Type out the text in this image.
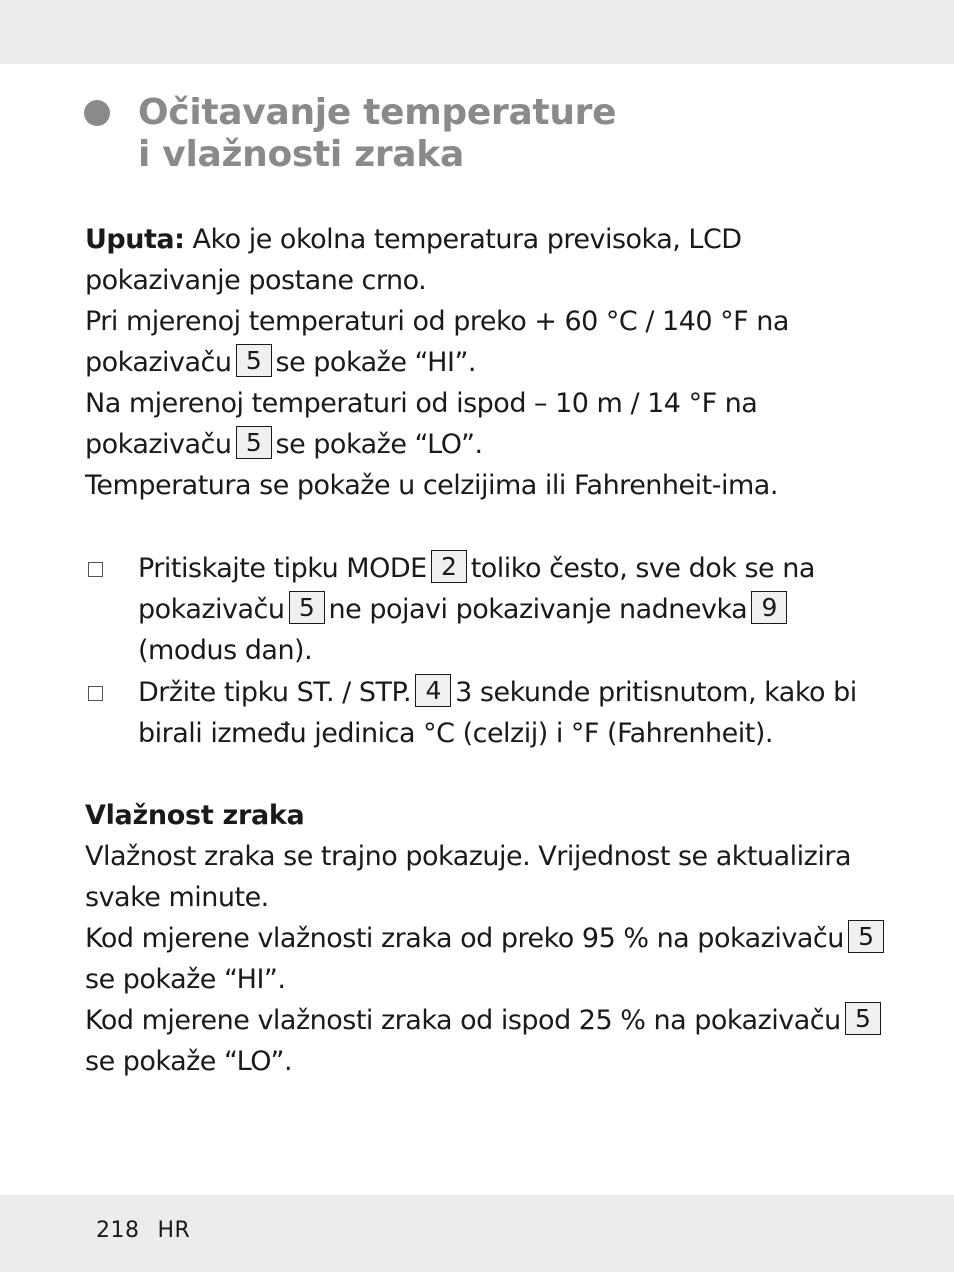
Očitavanje temperature
i vlažnosti zraka
Uputa: Ako je okolna temperatura previsoka, LCD
pokazivanje postane crno.
Pri mjerenoj temperaturi od preko + 60 °C / 140 °F na
pokazivaču 5 se pokaže “HI”.
Na mjerenoj temperaturi od ispod – 10 m / 14 °F na
pokazivaču 5 se pokaže “LO”.
Temperatura se pokaže u celzijima ili Fahrenheit-ima.
Pritiskajte tipku MODE 2 toliko često, sve dok se na
pokazivaču 5 ne pojavi pokazivanje nadnevka 9
(modus dan).
Držite tipku ST. / STP. 4 3 sekunde pritisnutom, kako bi
birali između jedinica °C (celzij) i °F (Fahrenheit).
Vlažnost zraka
Vlažnost zraka se trajno pokazuje. Vrijednost se aktualizira
svake minute.
Kod mjerene vlažnosti zraka od preko 95 % na pokazivaču 5
se pokaže “HI”.
Kod mjerene vlažnosti zraka od ispod 25 % na pokazivaču 5
se pokaže “LO”.
218 HR
